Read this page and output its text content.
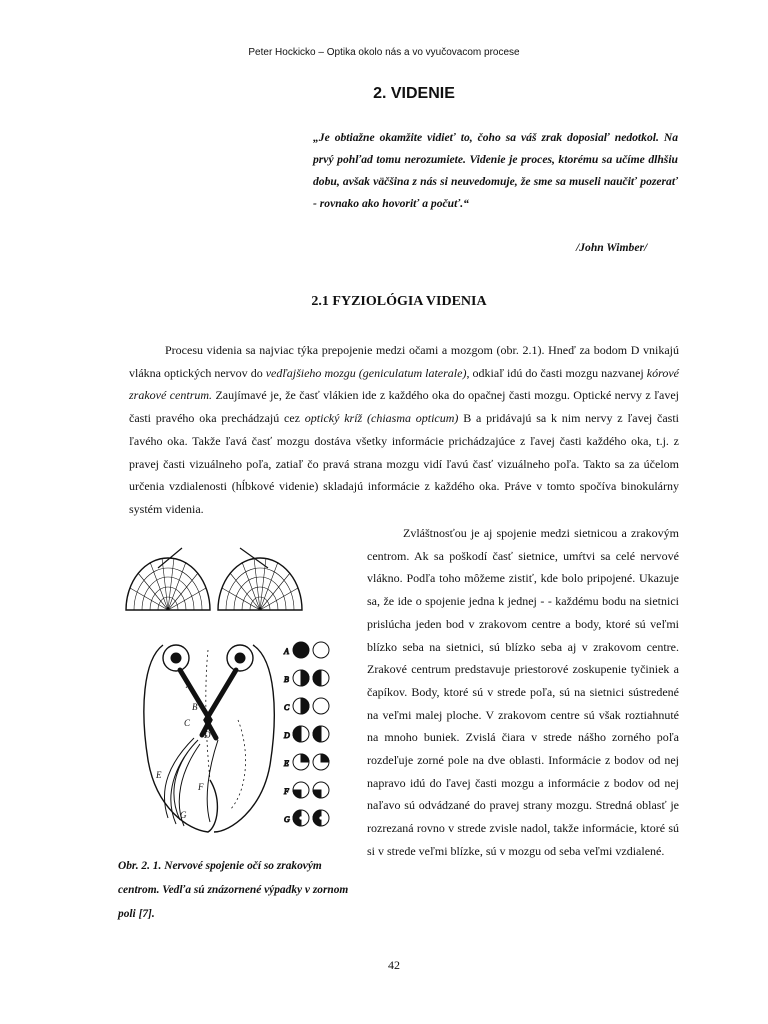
Peter Hockicko – Optika okolo nás a vo vyučovacom procese
2. VIDENIE

„Je obtiažne okamžite vidieť to, čoho sa váš zrak doposiaľ nedotkol. Na prvý pohľad tomu nerozumiete. Videnie je proces, ktorému sa učíme dlhšiu dobu, avšak väčšina z nás si neuvedomuje, že sme sa museli naučiť pozerať - rovnako ako hovoriť a počuť.“

/John Wimber/
2.1 FYZIOLÓGIA VIDENIA

Procesu videnia sa najviac týka prepojenie medzi očami a mozgom (obr. 2.1). Hneď za bodom D vnikajú vlákna optických nervov do vedľajšieho mozgu (geniculatum laterale), odkiaľ idú do časti mozgu nazvanej kórové zrakové centrum. Zaujímavé je, že časť vlákien ide z každého oka do opačnej časti mozgu. Optické nervy z ľavej časti pravého oka prechádzajú cez optický kríž (chiasma opticum) B a pridávajú sa k nim nervy z ľavej časti ľavého oka. Takže ľavá časť mozgu dostáva všetky informácie prichádzajúce z ľavej časti každého oka, t.j. z pravej časti vizuálneho poľa, zatiaľ čo pravá strana mozgu vidí ľavú časť vizuálneho poľa. Takto sa za účelom určenia vzdialenosti (hĺbkové videnie) skladajú informácie z každého oka. Práve v tomto spočíva binokulárny systém videnia.

Zvláštnosťou je aj spojenie medzi sietnicou a zrakovým centrom. Ak sa poškodí časť sietnice, umŕtvi sa celé nervové vlákno. Podľa toho môžeme zistiť, kde bolo pripojené. Ukazuje sa, že ide o spojenie jedna k jednej - - každému bodu na sietnici prislúcha jeden bod v zrakovom centre a body, ktoré sú veľmi blízko seba na sietnici, sú blízko seba aj v zrakovom centre. Zrakové centrum predstavuje priestorové zoskupenie tyčiniek a čapíkov. Body, ktoré sú v strede poľa, sú na sietnici sústredené na veľmi malej ploche. V zrakovom centre sú však roztiahnuté na mnoho buniek. Zvislá čiara v strede nášho zorného poľa rozdeľuje zorné pole na dve oblasti. Informácie z bodov od nej napravo idú do ľavej časti mozgu a informácie z bodov od nej naľavo sú odvádzané do pravej strany mozgu. Stredná oblasť je rozrezaná rovno v strede zvisle nadol, takže informácie, ktoré sú si v strede veľmi blízke, sú v mozgu od seba veľmi vzdialené.

A
B
C
D
E
F
G
A
B
C
D
E
F
G
Obr. 2. 1. Nervové spojenie očí so zrakovým centrom. Vedľa sú znázornené výpadky v zornom poli [7].
42
